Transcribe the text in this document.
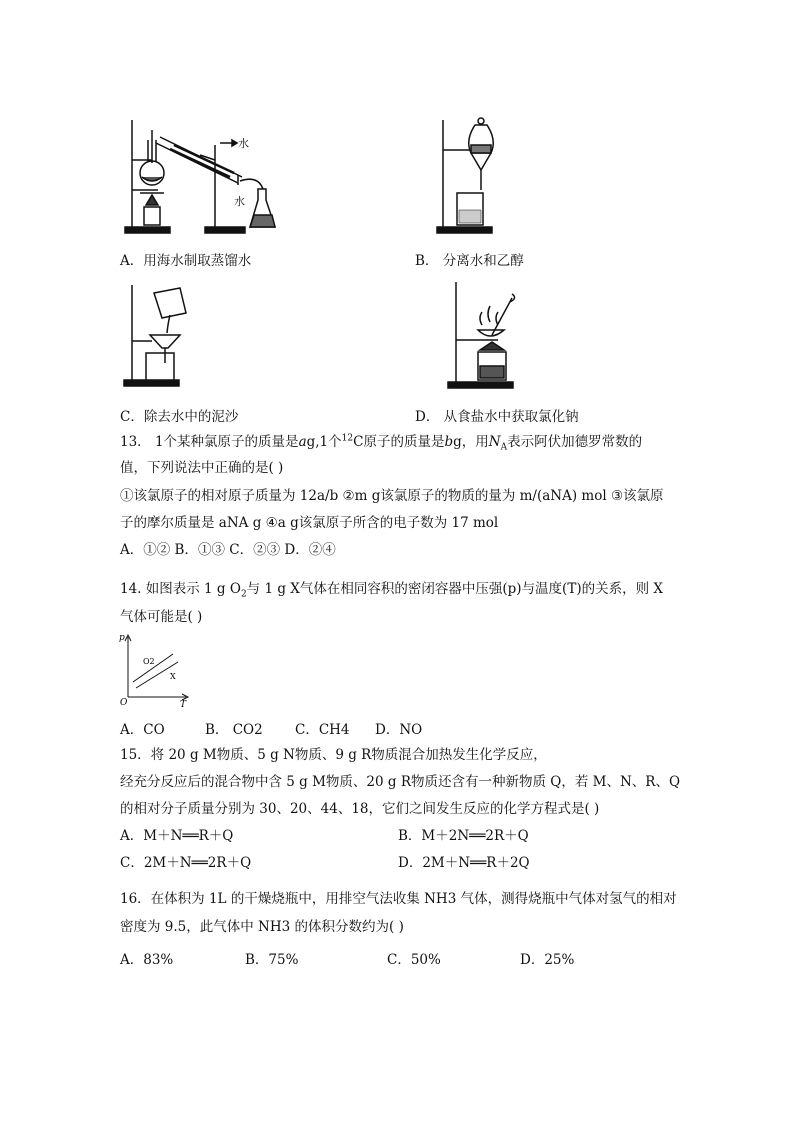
水
水
A．用海水制取蒸馏水	B． 分离水和乙醇
C．除去水中的泥沙	D． 从食盐水中获取氯化钠
13． 1个某种氯原子的质量是ag,1个$^{12}$C原子的质量是bg，用$N_A$表示阿伏加德罗常数的
值，下列说法中正确的是( )
①该氯原子的相对原子质量为 12a/b ②m g该氯原子的物质的量为 m/(aNA) mol ③该氯原
子的摩尔质量是 aNA g ④a g该氯原子所含的电子数为 17 mol
A．①② B．①③ C．②③ D．②④
14. 如图表示 1 g $O_2$与 1 g X气体在相同容积的密闭容器中压强(p)与温度(T)的关系，则 X
气体可能是( )
p
O	T
O2
X
A．CO	B． CO2 C．CH4 D．NO
15．将 20 g M物质、5 g N物质、9 g R物质混合加热发生化学反应，
经充分反应后的混合物中含 5 g M物质、20 g R物质还含有一种新物质 Q，若 M、N、R、Q
的相对分子质量分别为 30、20、44、18，它们之间发生反应的化学方程式是( )
A．M＋N══R＋Q	B．M＋2N══2R＋Q
C．2M＋N══2R＋Q	D．2M＋N══R＋2Q
16．在体积为 1L 的干燥烧瓶中，用排空气法收集 NH3 气体，测得烧瓶中气体对氢气的相对
密度为 9.5，此气体中 NH3 的体积分数约为( )
A．83%	B．75%	C．50%	D．25%
